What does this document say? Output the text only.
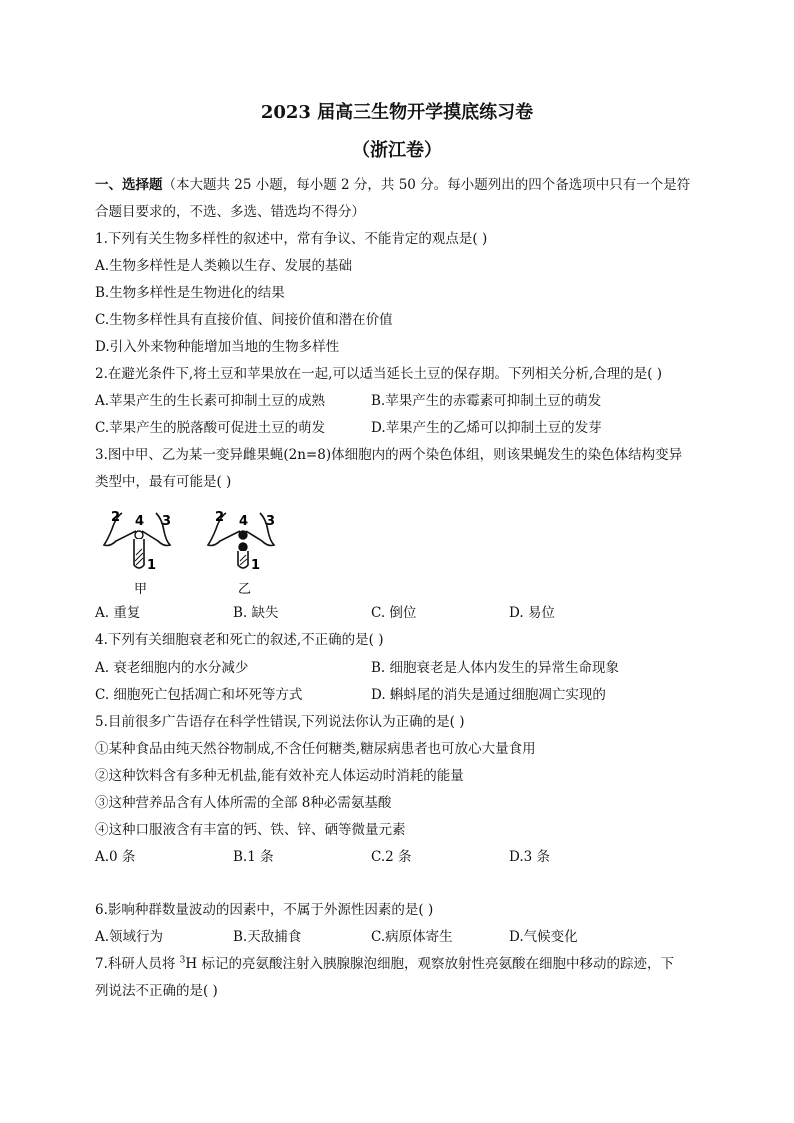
2023 届高三生物开学摸底练习卷
（浙江卷）
一、选择题（本大题共 25 小题，每小题 2 分，共 50 分。每小题列出的四个备选项中只有一个是符
合题目要求的，不选、多选、错选均不得分）
1.下列有关生物多样性的叙述中，常有争议、不能肯定的观点是( )
A.生物多样性是人类赖以生存、发展的基础
B.生物多样性是生物进化的结果
C.生物多样性具有直接价值、间接价值和潜在价值
D.引入外来物种能增加当地的生物多样性
2.在避光条件下,将土豆和苹果放在一起,可以适当延长土豆的保存期。下列相关分析,合理的是( )
A.苹果产生的生长素可抑制土豆的成熟	B.苹果产生的赤霉素可抑制土豆的萌发
C.苹果产生的脱落酸可促进土豆的萌发	D.苹果产生的乙烯可以抑制土豆的发芽
3.图中甲、乙为某一变异雌果蝇(2n=8)体细胞内的两个染色体组，则该果蝇发生的染色体结构变异
类型中，最有可能是( )
2 4 3
1
甲
2 4 3
1
乙
A. 重复	B. 缺失	C. 倒位	D. 易位
4.下列有关细胞衰老和死亡的叙述,不正确的是( )
A. 衰老细胞内的水分减少	B. 细胞衰老是人体内发生的异常生命现象
C. 细胞死亡包括凋亡和坏死等方式	D. 蝌蚪尾的消失是通过细胞凋亡实现的
5.目前很多广告语存在科学性错误,下列说法你认为正确的是( )
①某种食品由纯天然谷物制成,不含任何糖类,糖尿病患者也可放心大量食用
②这种饮料含有多种无机盐,能有效补充人体运动时消耗的能量
③这种营养品含有人体所需的全部 8种必需氨基酸
④这种口服液含有丰富的钙、铁、锌、硒等微量元素
A.0 条	B.1 条	C.2 条	D.3 条
6.影响种群数量波动的因素中，不属于外源性因素的是( )
A.领域行为	B.天敌捕食	C.病原体寄生	D.气候变化
7.科研人员将 $^3$H 标记的亮氨酸注射入胰腺腺泡细胞，观察放射性亮氨酸在细胞中移动的踪迹，下
列说法不正确的是( )
